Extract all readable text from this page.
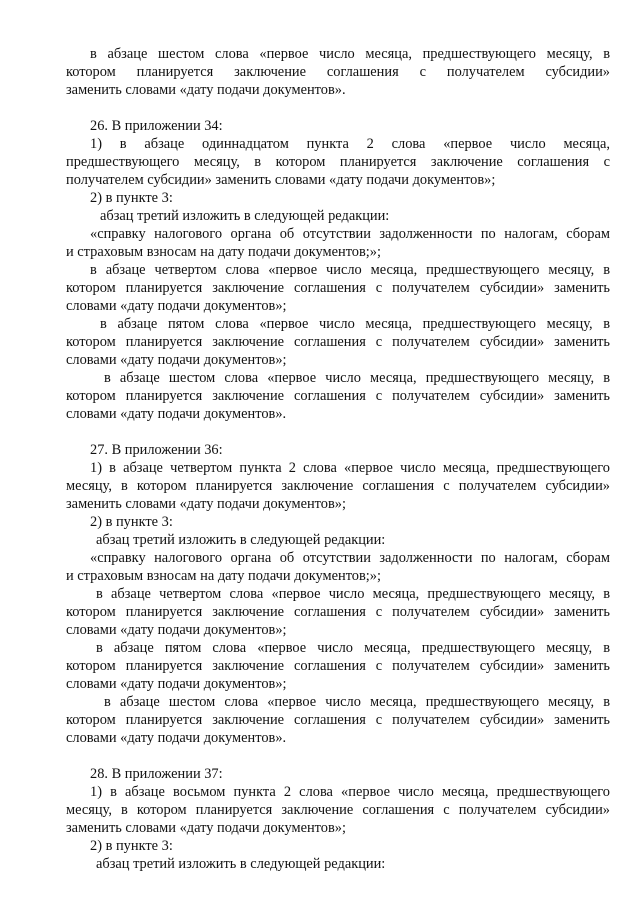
в абзаце шестом слова «первое число месяца, предшествующего месяцу, в
котором планируется заключение соглашения с получателем субсидии»
заменить словами «дату подачи документов».
26. В приложении 34:
1) в абзаце одиннадцатом пункта 2 слова «первое число месяца,
предшествующего месяцу, в котором планируется заключение соглашения с
получателем субсидии» заменить словами «дату подачи документов»;
2) в пункте 3:
абзац третий изложить в следующей редакции:
«справку налогового органа об отсутствии задолженности по налогам, сборам
и страховым взносам на дату подачи документов;»;
в абзаце четвертом слова «первое число месяца, предшествующего месяцу, в
котором планируется заключение соглашения с получателем субсидии» заменить
словами «дату подачи документов»;
в абзаце пятом слова «первое число месяца, предшествующего месяцу, в
котором планируется заключение соглашения с получателем субсидии» заменить
словами «дату подачи документов»;
в абзаце шестом слова «первое число месяца, предшествующего месяцу, в
котором планируется заключение соглашения с получателем субсидии» заменить
словами «дату подачи документов».
27. В приложении 36:
1) в абзаце четвертом пункта 2 слова «первое число месяца, предшествующего
месяцу, в котором планируется заключение соглашения с получателем субсидии»
заменить словами «дату подачи документов»;
2) в пункте 3:
абзац третий изложить в следующей редакции:
«справку налогового органа об отсутствии задолженности по налогам, сборам
и страховым взносам на дату подачи документов;»;
в абзаце четвертом слова «первое число месяца, предшествующего месяцу, в
котором планируется заключение соглашения с получателем субсидии» заменить
словами «дату подачи документов»;
в абзаце пятом слова «первое число месяца, предшествующего месяцу, в
котором планируется заключение соглашения с получателем субсидии» заменить
словами «дату подачи документов»;
в абзаце шестом слова «первое число месяца, предшествующего месяцу, в
котором планируется заключение соглашения с получателем субсидии» заменить
словами «дату подачи документов».
28. В приложении 37:
1) в абзаце восьмом пункта 2 слова «первое число месяца, предшествующего
месяцу, в котором планируется заключение соглашения с получателем субсидии»
заменить словами «дату подачи документов»;
2) в пункте 3:
абзац третий изложить в следующей редакции:
